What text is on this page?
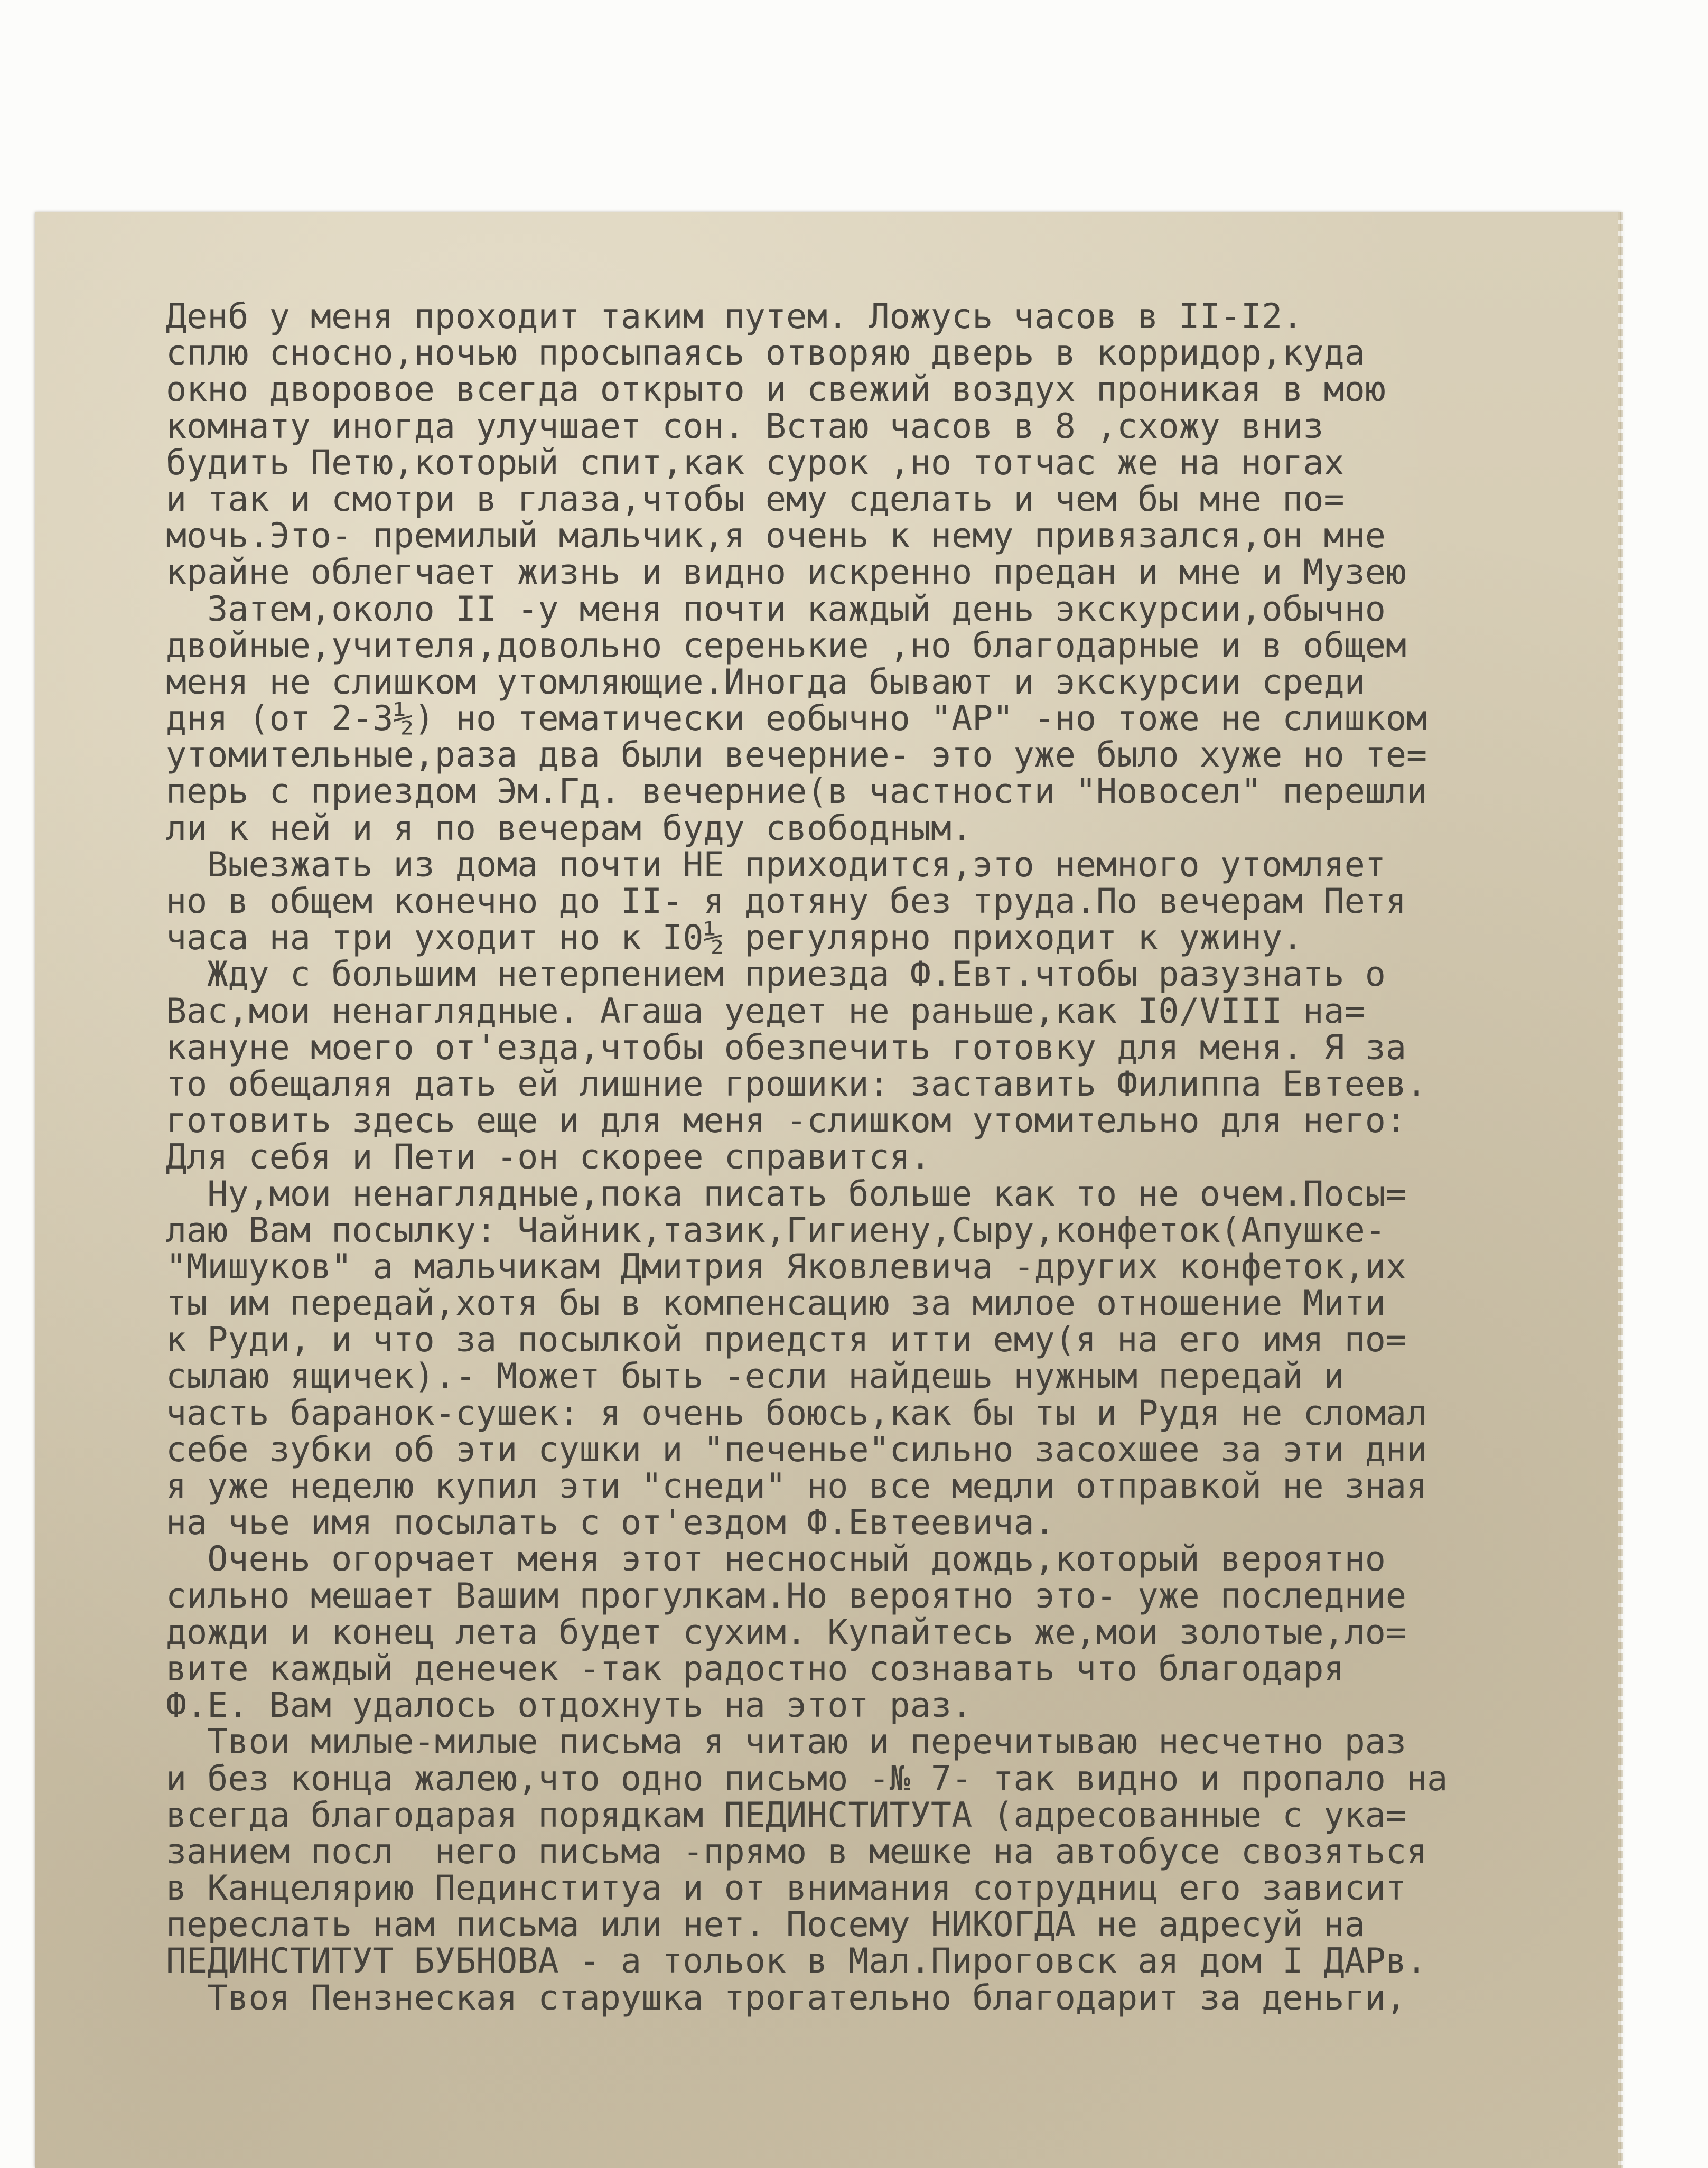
Денб у меня проходит таким путем. Ложусь часов в II-I2.
сплю сносно,ночью просыпаясь отворяю дверь в корридор,куда
окно дворовое всегда открыто и свежий воздух проникая в мою
комнату иногда улучшает сон. Встаю часов в 8 ,схожу вниз
будить Петю,который спит,как сурок ,но тотчас же на ногах
и так и смотри в глаза,чтобы ему сделать и чем бы мне по=
мочь.Это- премилый мальчик,я очень к нему привязался,он мне
крайне облегчает жизнь и видно искренно предан и мне и Музею
Затем,около II -у меня почти каждый день экскурсии,обычно
двойные,учителя,довольно серенькие ,но благодарные и в общем
меня не слишком утомляющие.Иногда бывают и экскурсии среди
дня (от 2-3½) но тематически еобычно "АР" -но тоже не слишком
утомительные,раза два были вечерние- это уже было хуже но те=
перь с приездом Эм.Гд. вечерние(в частности "Новосел" перешли
ли к ней и я по вечерам буду свободным.
Выезжать из дома почти НЕ приходится,это немного утомляет
но в общем конечно до II- я дотяну без труда.По вечерам Петя
часа на три уходит но к I0½ регулярно приходит к ужину.
Жду с большим нетерпением приезда Ф.Евт.чтобы разузнать о
Вас,мои ненаглядные. Агаша уедет не раньше,как I0/VIII на=
кануне моего от'езда,чтобы обезпечить готовку для меня. Я за
то обещаляя дать ей лишние грошики: заставить Филиппа Евтеев.
готовить здесь еще и для меня -слишком утомительно для него:
Для себя и Пети -он скорее справится.
Ну,мои ненаглядные,пока писать больше как то не очем.Посы=
лаю Вам посылку: Чайник,тазик,Гигиену,Сыру,конфеток(Апушке-
"Мишуков" а мальчикам Дмитрия Яковлевича -других конфеток,их
ты им передай,хотя бы в компенсацию за милое отношение Мити
к Руди, и что за посылкой приедстя итти ему(я на его имя по=
сылаю ящичек).- Может быть -если найдешь нужным передай и
часть баранок-сушек: я очень боюсь,как бы ты и Рудя не сломал
себе зубки об эти сушки и "печенье"сильно засохшее за эти дни
я уже неделю купил эти "снеди" но все медли отправкой не зная
на чье имя посылать с от'ездом Ф.Евтеевича.
Очень огорчает меня этот несносный дождь,который вероятно
сильно мешает Вашим прогулкам.Но вероятно это- уже последние
дожди и конец лета будет сухим. Купайтесь же,мои золотые,ло=
вите каждый денечек -так радостно сознавать что благодаря
Ф.Е. Вам удалось отдохнуть на этот раз.
Твои милые-милые письма я читаю и перечитываю несчетно раз
и без конца жалею,что одно письмо -№ 7- так видно и пропало на
всегда благодарая порядкам ПЕДИНСТИТУТА (адресованные с ука=
занием посл  него письма -прямо в мешке на автобусе свозяться
в Канцелярию Пединституа и от внимания сотрудниц его зависит
переслать нам письма или нет. Посему НИКОГДА не адресуй на
ПЕДИНСТИТУТ БУБНОВА - а тольок в Мал.Пироговск ая дом I ДАРв.
Твоя Пензнеская старушка трогательно благодарит за деньги,
